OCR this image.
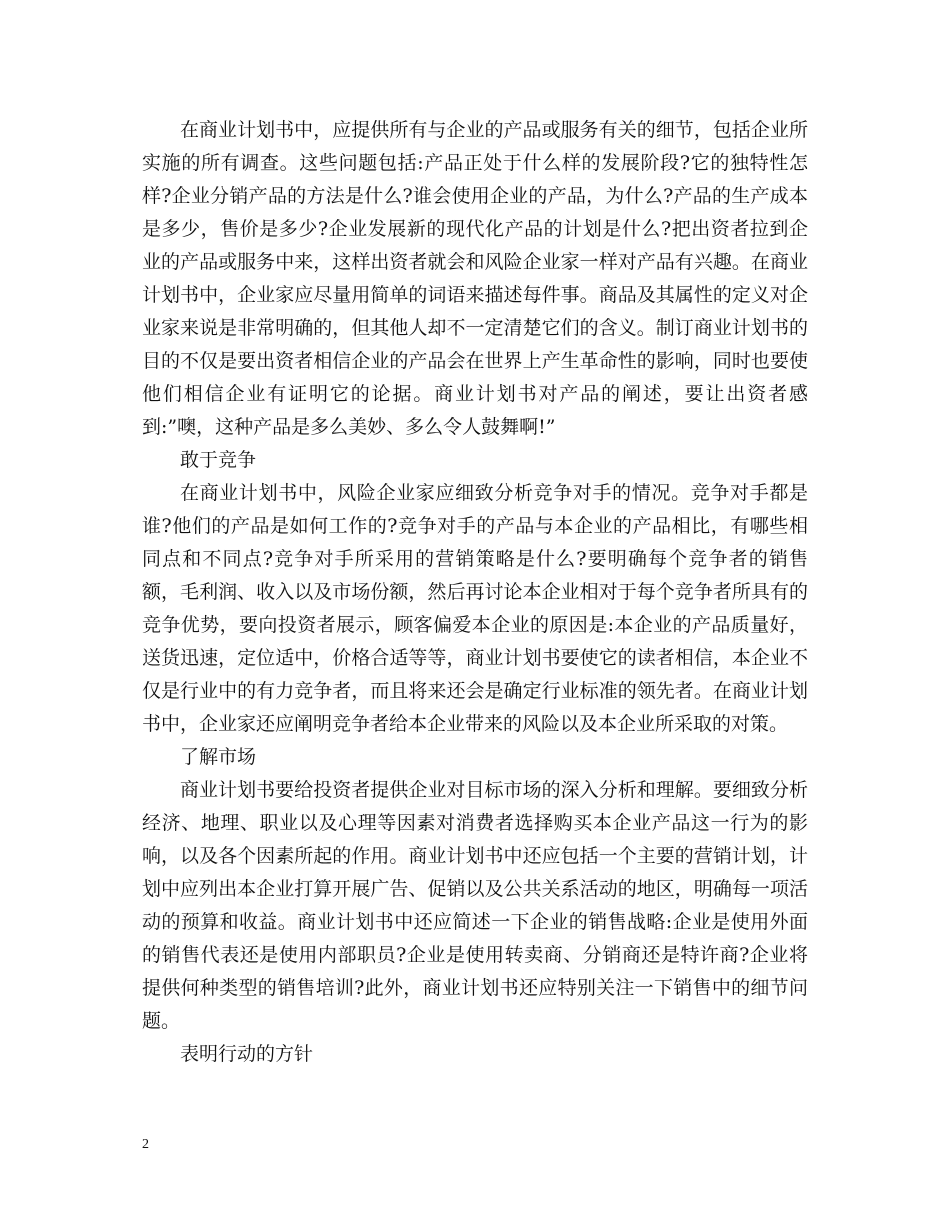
在商业计划书中，应提供所有与企业的产品或服务有关的细节，包括企业所实施的所有调查。这些问题包括:产品正处于什么样的发展阶段?它的独特性怎样?企业分销产品的方法是什么?谁会使用企业的产品，为什么?产品的生产成本是多少，售价是多少?企业发展新的现代化产品的计划是什么?把出资者拉到企业的产品或服务中来，这样出资者就会和风险企业家一样对产品有兴趣。在商业计划书中，企业家应尽量用简单的词语来描述每件事。商品及其属性的定义对企业家来说是非常明确的，但其他人却不一定清楚它们的含义。制订商业计划书的目的不仅是要出资者相信企业的产品会在世界上产生革命性的影响，同时也要使他们相信企业有证明它的论据。商业计划书对产品的阐述，要让出资者感到:”噢，这种产品是多么美妙、多么令人鼓舞啊!”

敢于竞争

在商业计划书中，风险企业家应细致分析竞争对手的情况。竞争对手都是谁?他们的产品是如何工作的?竞争对手的产品与本企业的产品相比，有哪些相同点和不同点?竞争对手所采用的营销策略是什么?要明确每个竞争者的销售额，毛利润、收入以及市场份额，然后再讨论本企业相对于每个竞争者所具有的竞争优势，要向投资者展示，顾客偏爱本企业的原因是:本企业的产品质量好，送货迅速，定位适中，价格合适等等，商业计划书要使它的读者相信，本企业不仅是行业中的有力竞争者，而且将来还会是确定行业标准的领先者。在商业计划书中，企业家还应阐明竞争者给本企业带来的风险以及本企业所采取的对策。

了解市场

商业计划书要给投资者提供企业对目标市场的深入分析和理解。要细致分析经济、地理、职业以及心理等因素对消费者选择购买本企业产品这一行为的影响，以及各个因素所起的作用。商业计划书中还应包括一个主要的营销计划，计划中应列出本企业打算开展广告、促销以及公共关系活动的地区，明确每一项活动的预算和收益。商业计划书中还应简述一下企业的销售战略:企业是使用外面的销售代表还是使用内部职员?企业是使用转卖商、分销商还是特许商?企业将提供何种类型的销售培训?此外，商业计划书还应特别关注一下销售中的细节问题。

表明行动的方针

2
